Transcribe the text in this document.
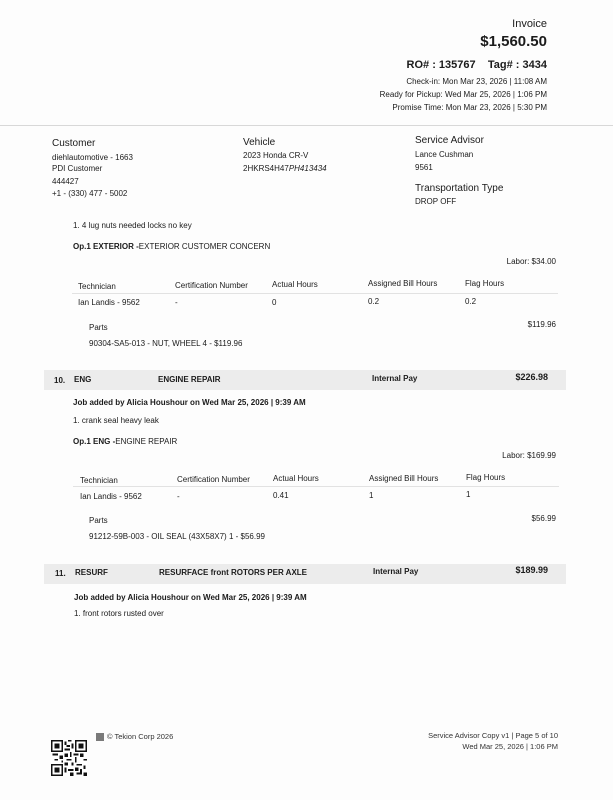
Invoice
$1,560.50
RO# : 135767 Tag# : 3434
Check-in: Mon Mar 23, 2026 | 11:08 AM
Ready for Pickup: Wed Mar 25, 2026 | 1:06 PM
Promise Time: Mon Mar 23, 2026 | 5:30 PM
Customer
diehlautomotive - 1663
PDI Customer
444427
+1 - (330) 477 - 5002
Vehicle
2023 Honda CR-V
2HKRS4H47PH413434
Service Advisor
Lance Cushman
9561
Transportation Type
DROP OFF
1. 4 lug nuts needed locks no key
Op.1 EXTERIOR -EXTERIOR CUSTOMER CONCERN
Labor: $34.00
Technician	Certification Number	Actual Hours	Assigned Bill Hours	Flag Hours
Ian Landis - 9562	-	0	0.2	0.2
Parts	$119.96
90304-SA5-013 - NUT, WHEEL 4 - $119.96
10. ENG	ENGINE REPAIR	Internal Pay	$226.98
Job added by Alicia Houshour on Wed Mar 25, 2026 | 9:39 AM
1. crank seal heavy leak
Op.1 ENG -ENGINE REPAIR
Labor: $169.99
Technician	Certification Number	Actual Hours	Assigned Bill Hours	Flag Hours
Ian Landis - 9562	-	0.41	1	1
Parts	$56.99
91212-59B-003 - OIL SEAL (43X58X7) 1 - $56.99
11. RESURF	RESURFACE front ROTORS PER AXLE	Internal Pay	$189.99
Job added by Alicia Houshour on Wed Mar 25, 2026 | 9:39 AM
1. front rotors rusted over
© Tekion Corp 2026	Service Advisor Copy v1 | Page 5 of 10
Wed Mar 25, 2026 | 1:06 PM
